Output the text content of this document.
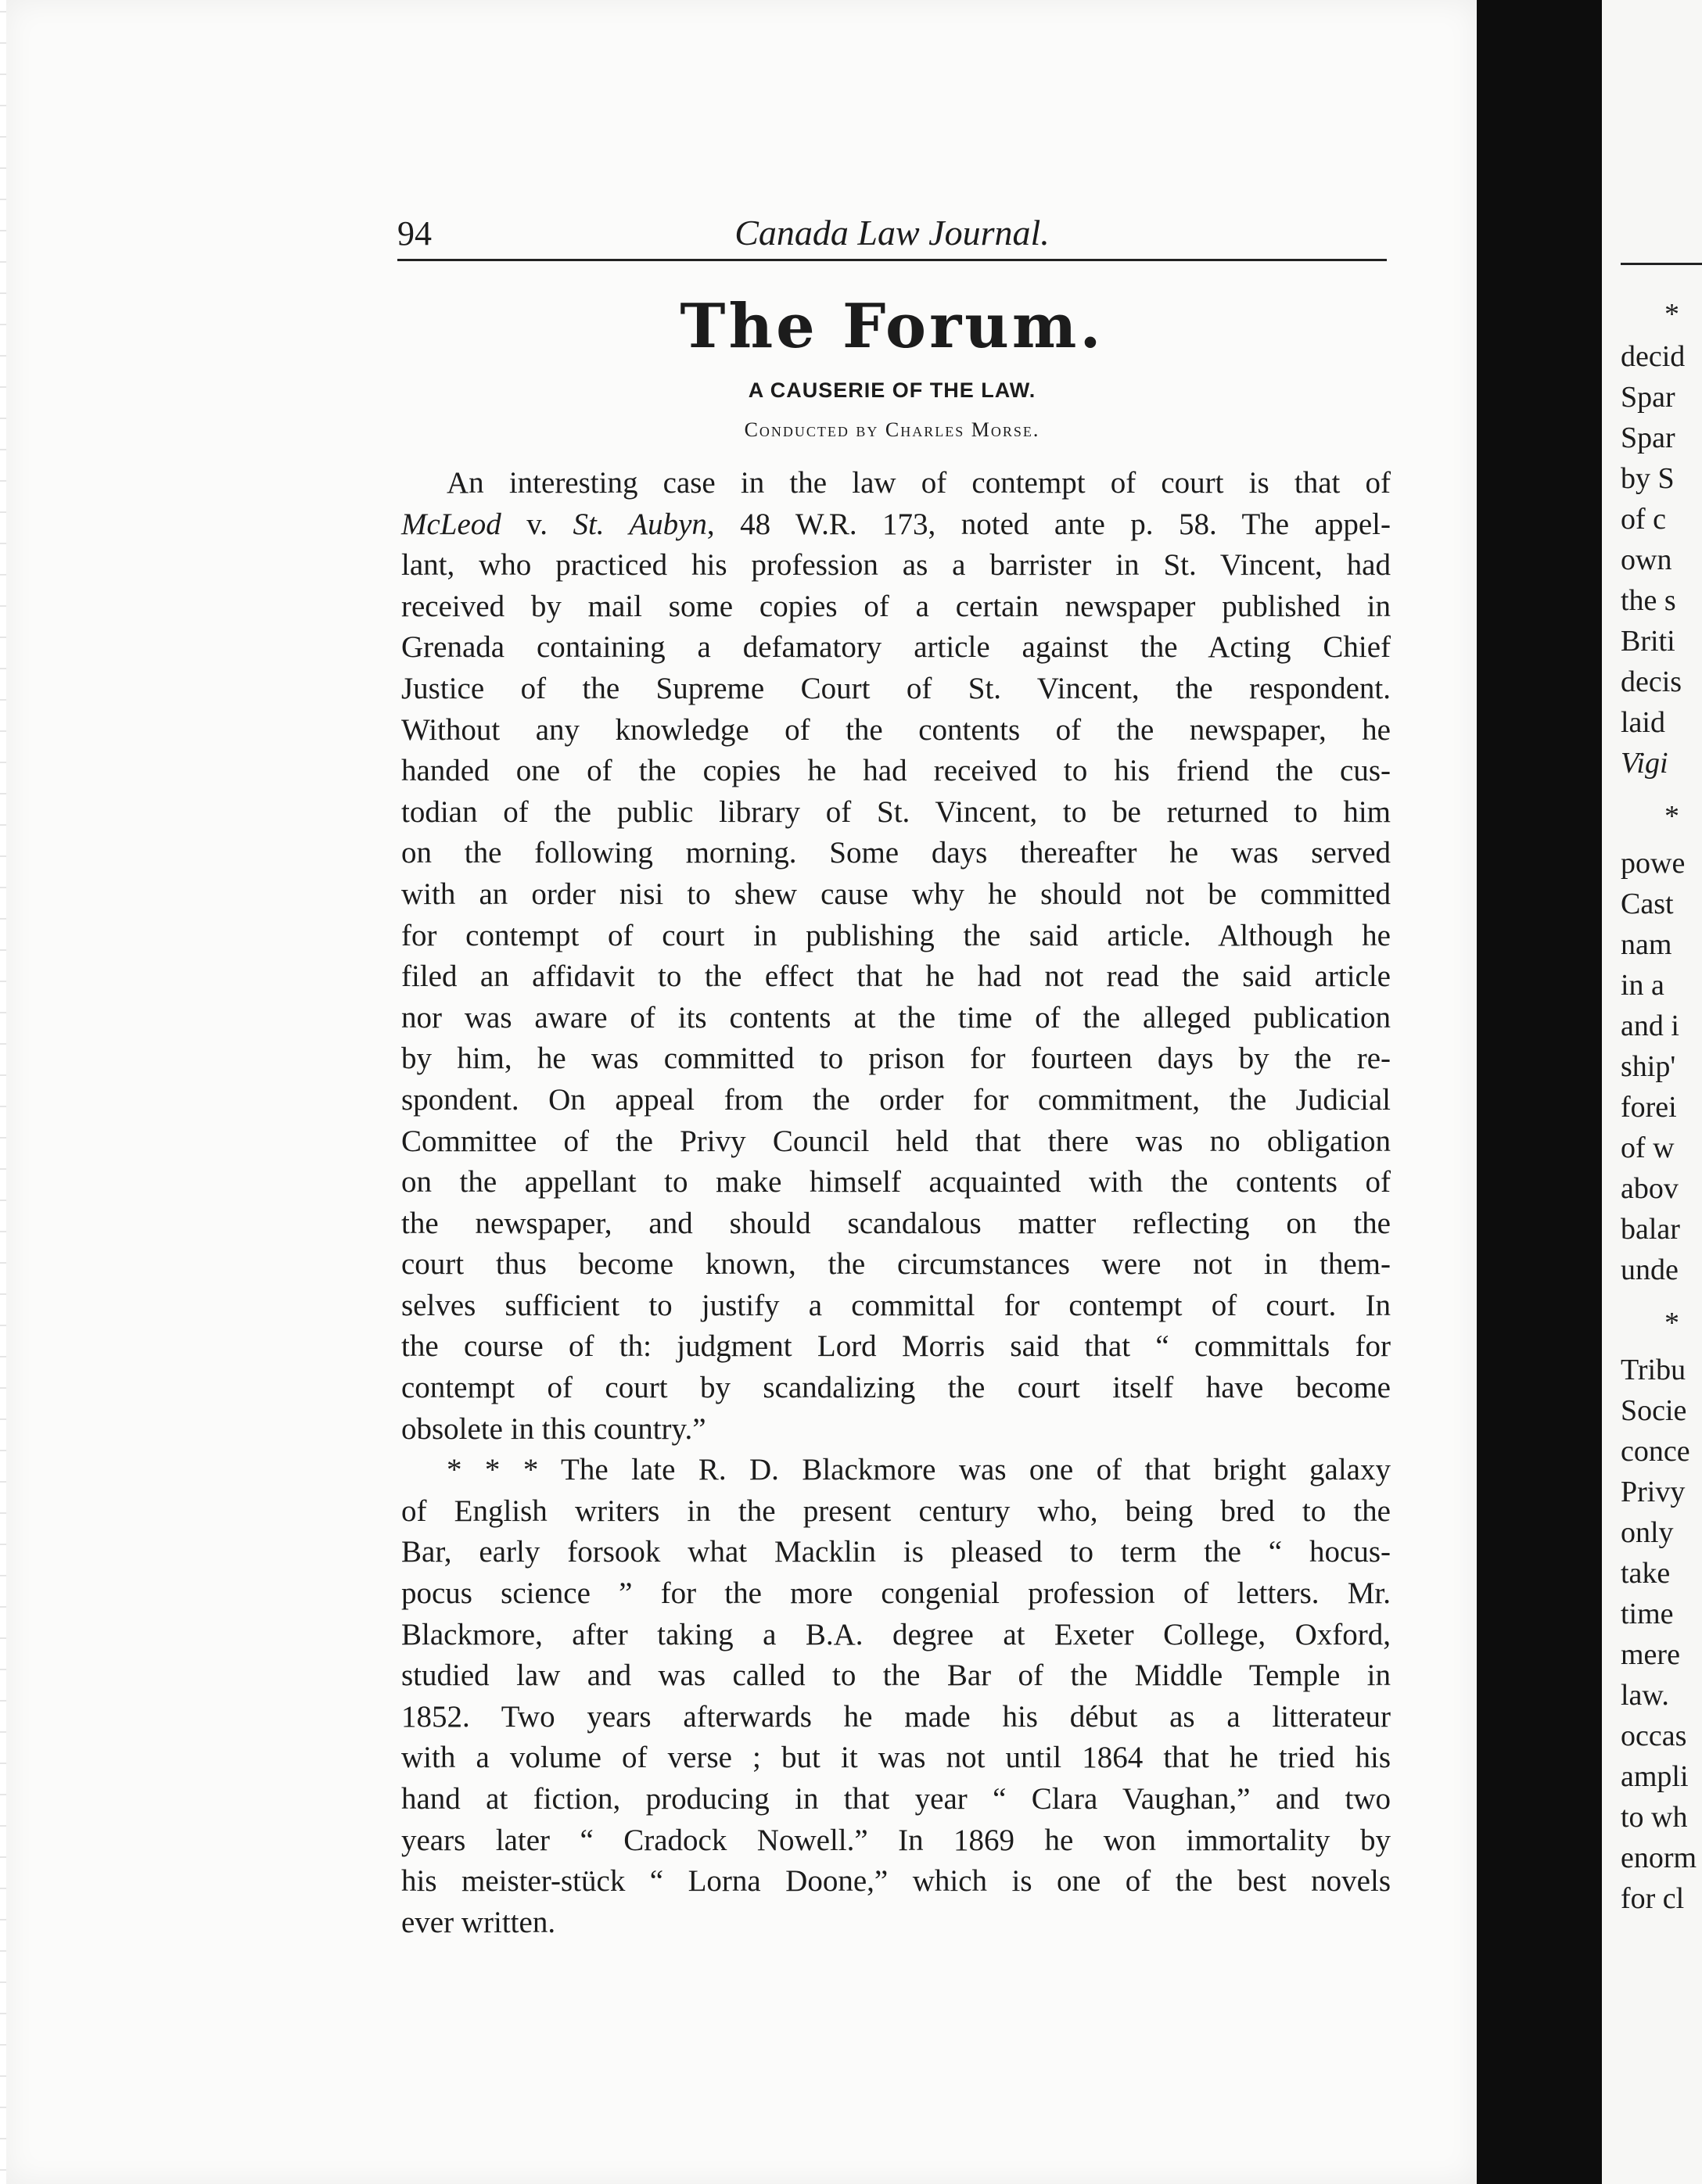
94	Canada Law Journal.
The Forum.
A CAUSERIE OF THE LAW.
Conducted by Charles Morse.
An interesting case in the law of contempt of court is that of
McLeod v. St. Aubyn, 48 W.R. 173, noted ante p. 58. The appel-
lant, who practiced his profession as a barrister in St. Vincent, had
received by mail some copies of a certain newspaper published in
Grenada containing a defamatory article against the Acting Chief
Justice of the Supreme Court of St. Vincent, the respondent.
Without any knowledge of the contents of the newspaper, he
handed one of the copies he had received to his friend the cus-
todian of the public library of St. Vincent, to be returned to him
on the following morning. Some days thereafter he was served
with an order nisi to shew cause why he should not be committed
for contempt of court in publishing the said article. Although he
filed an affidavit to the effect that he had not read the said article
nor was aware of its contents at the time of the alleged publication
by him, he was committed to prison for fourteen days by the re-
spondent. On appeal from the order for commitment, the Judicial
Committee of the Privy Council held that there was no obligation
on the appellant to make himself acquainted with the contents of
the newspaper, and should scandalous matter reflecting on the
court thus become known, the circumstances were not in them-
selves sufficient to justify a committal for contempt of court. In
the course of th: judgment Lord Morris said that “ committals for
contempt of court by scandalizing the court itself have become
obsolete in this country.”
* * * The late R. D. Blackmore was one of that bright galaxy
of English writers in the present century who, being bred to the
Bar, early forsook what Macklin is pleased to term the “ hocus-
pocus science ” for the more congenial profession of letters. Mr.
Blackmore, after taking a B.A. degree at Exeter College, Oxford,
studied law and was called to the Bar of the Middle Temple in
1852. Two years afterwards he made his début as a litterateur
with a volume of verse ; but it was not until 1864 that he tried his
hand at fiction, producing in that year “ Clara Vaughan,” and two
years later “ Cradock Nowell.” In 1869 he won immortality by
his meister-stück “ Lorna Doone,” which is one of the best novels
ever written.
*
decid
Spar
Spar
by S
of c
own
the s
Briti
decis
laid
Vigi
*
powe
Cast
nam
in a
and i
ship'
forei
of w
abov
balar
unde
*
Tribu
Socie
conce
Privy
only
take
time
mere
law.
occas
ampli
to wh
enorm
for cl
